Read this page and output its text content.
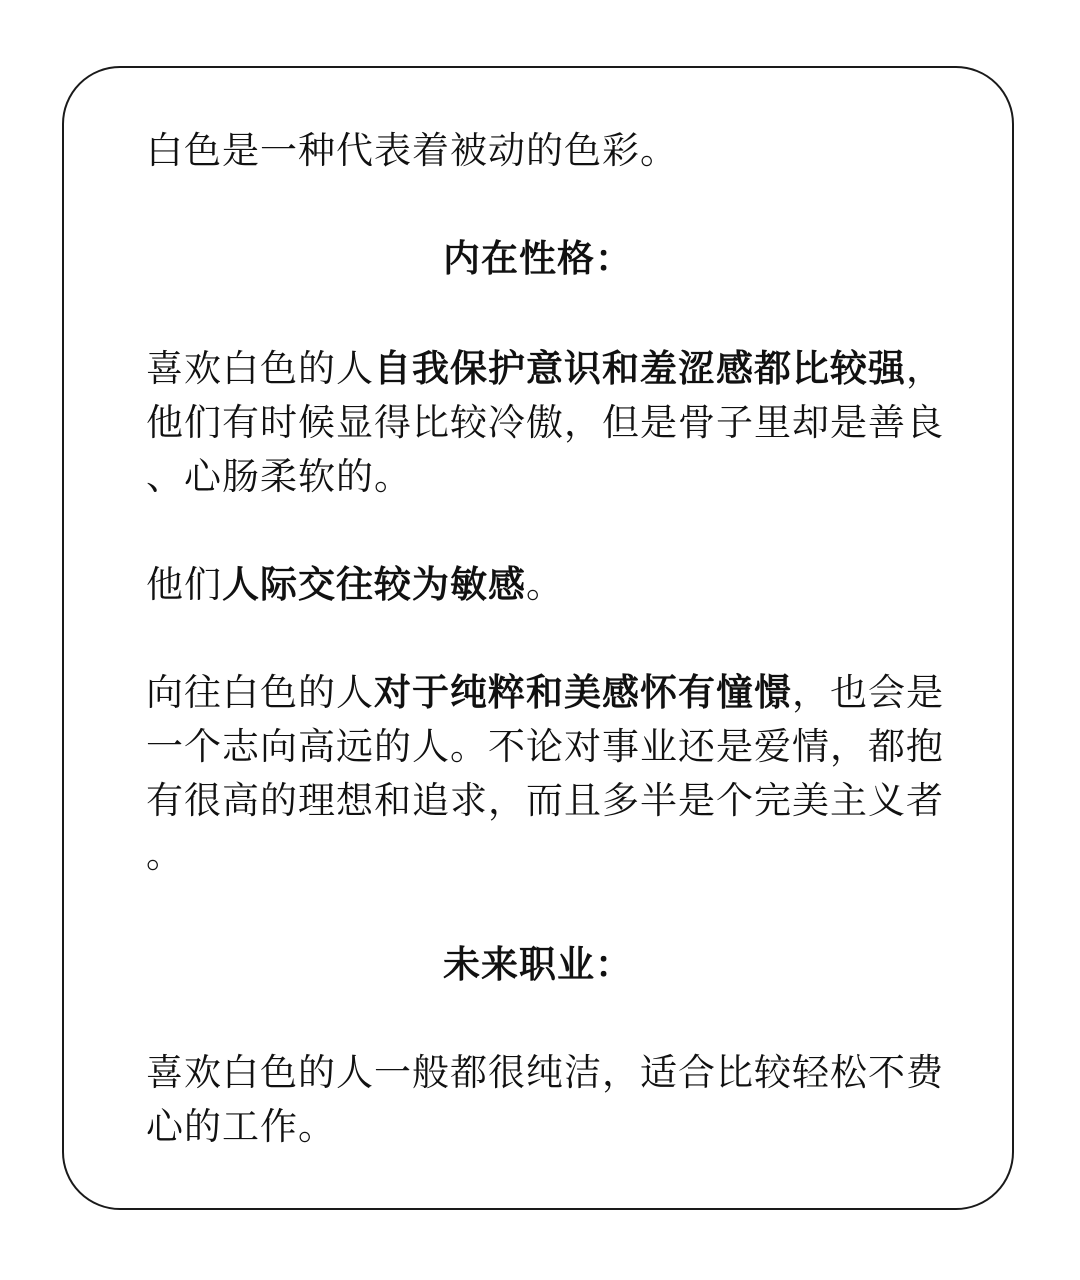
白色是一种代表着被动的色彩。

内在性格：

喜欢白色的人自我保护意识和羞涩感都比较强，
他们有时候显得比较冷傲，但是骨子里却是善良
、心肠柔软的。

他们人际交往较为敏感。

向往白色的人对于纯粹和美感怀有憧憬，也会是
一个志向高远的人。不论对事业还是爱情，都抱
有很高的理想和追求，而且多半是个完美主义者
。

未来职业：

喜欢白色的人一般都很纯洁，适合比较轻松不费
心的工作。
